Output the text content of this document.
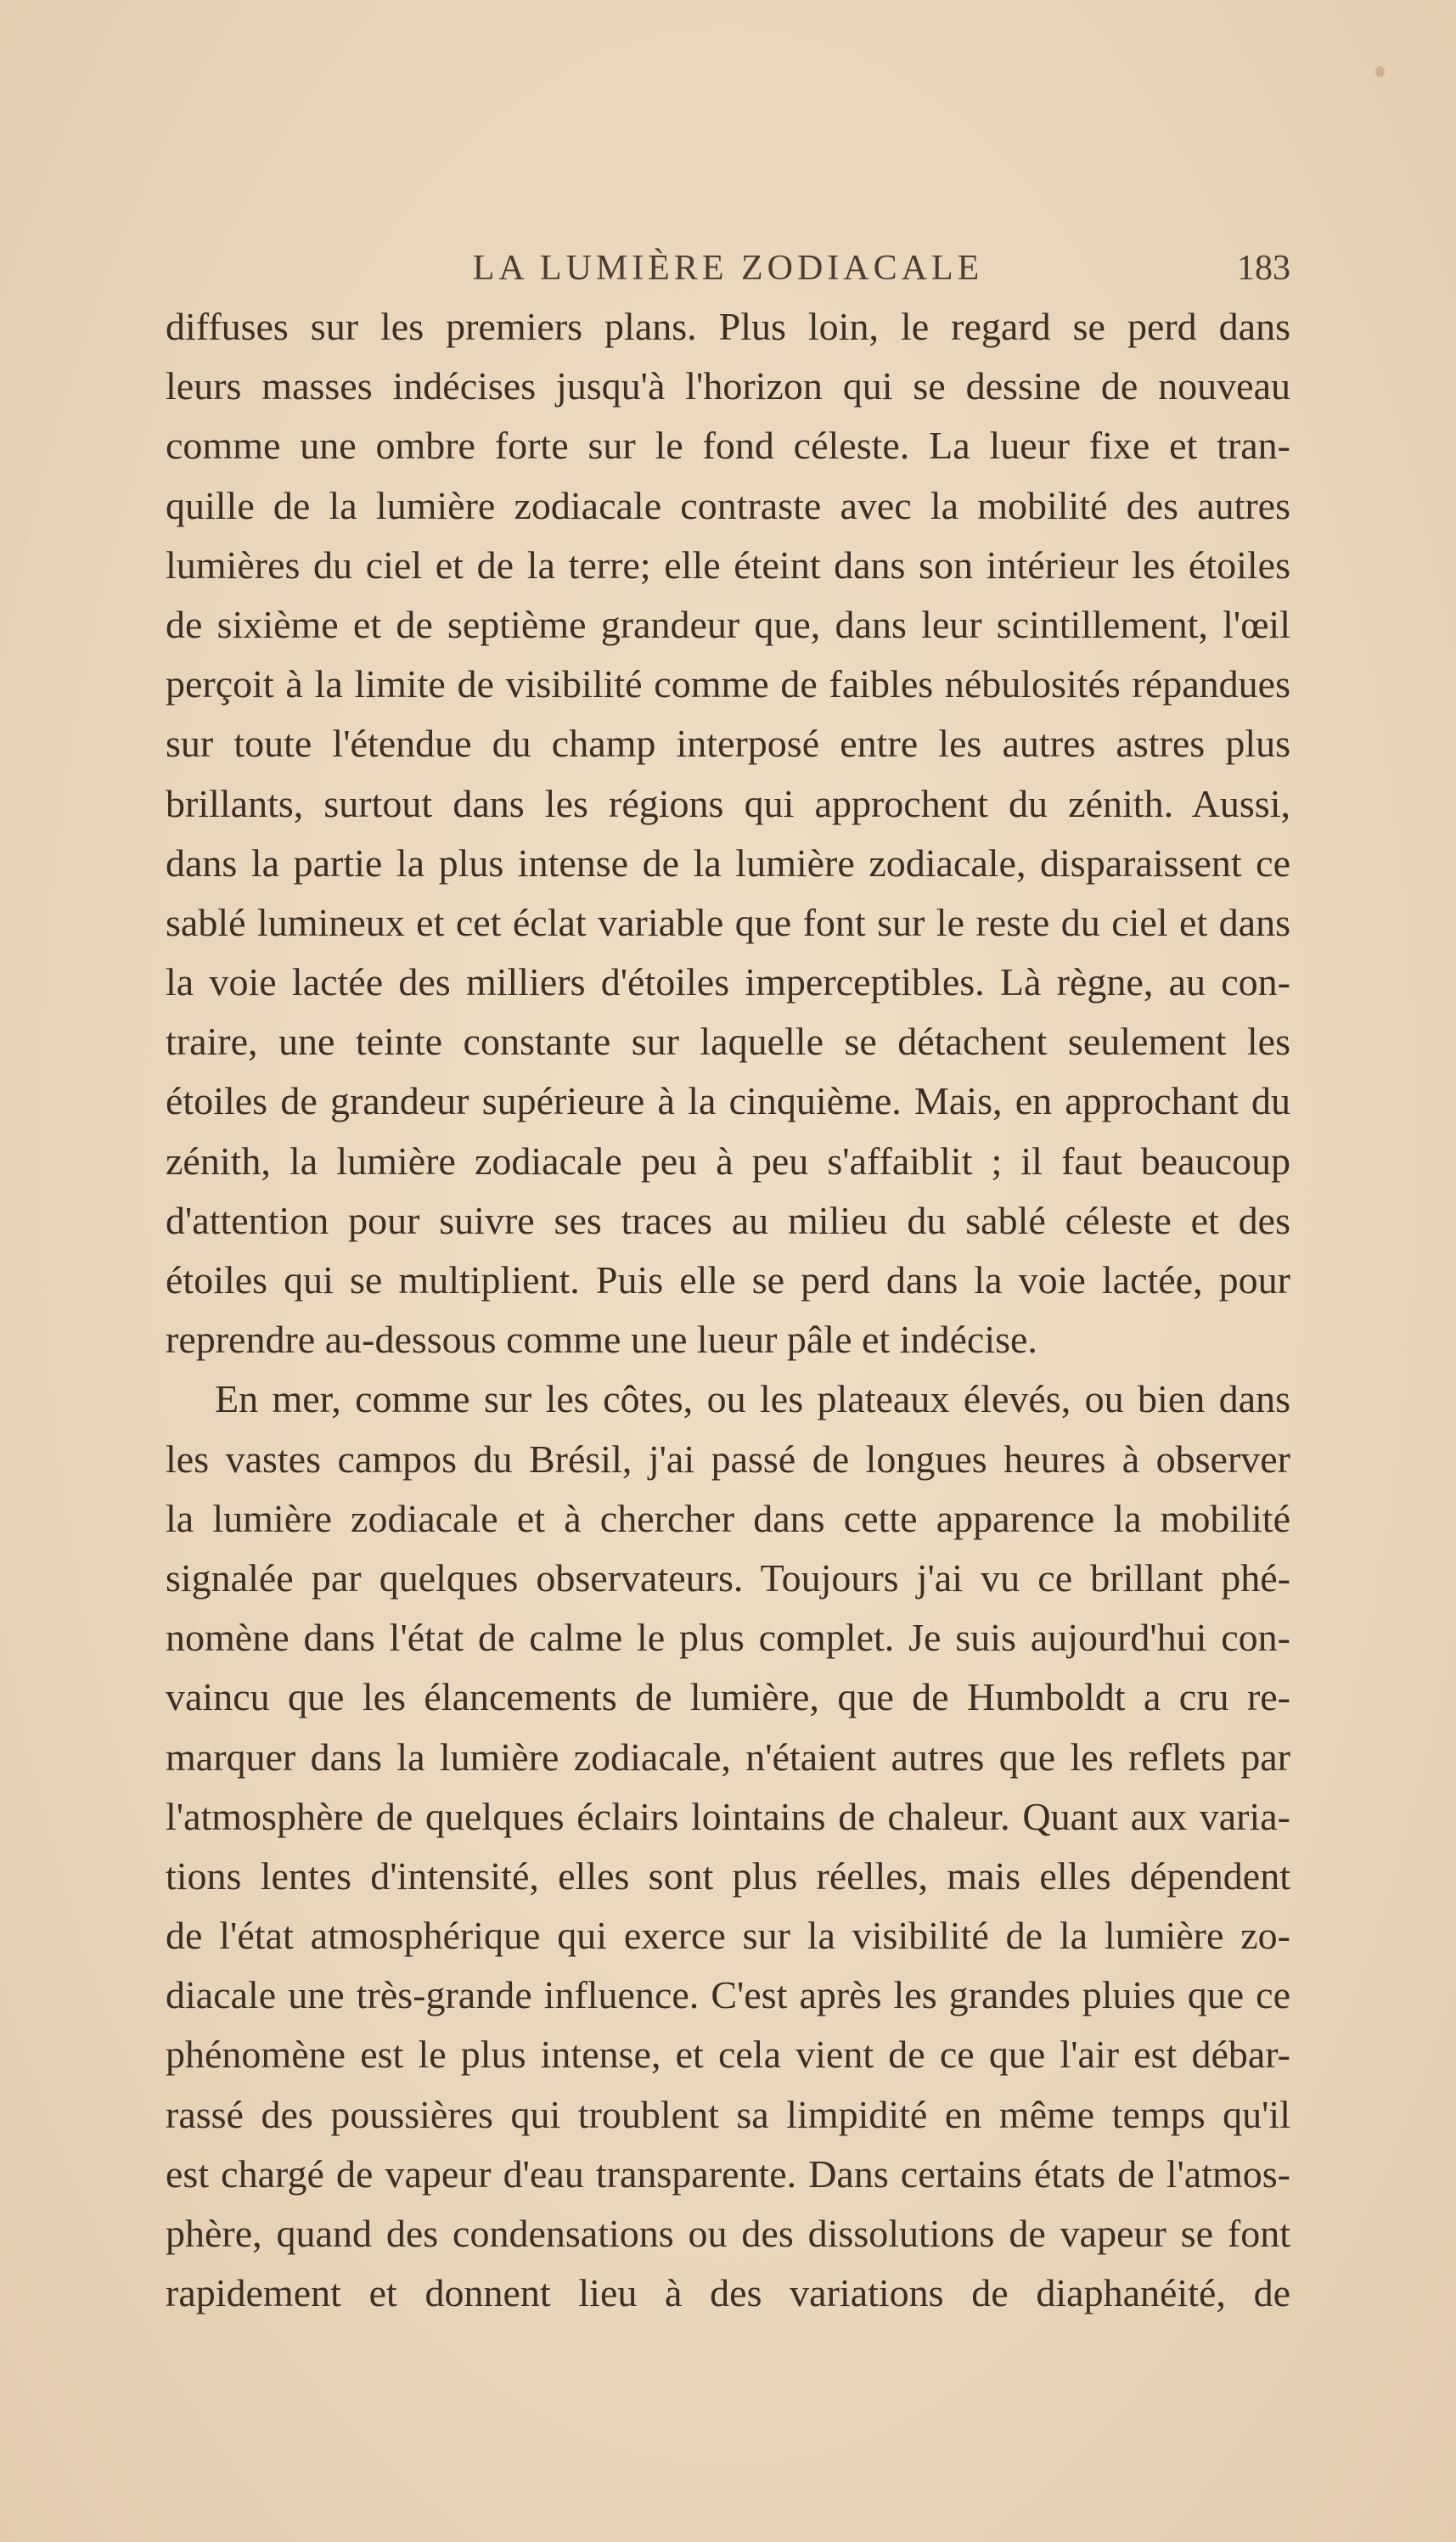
LA LUMIÈRE ZODIACALE	183
diffuses sur les premiers plans. Plus loin, le regard se perd dans
leurs masses indécises jusqu'à l'horizon qui se dessine de nouveau
comme une ombre forte sur le fond céleste. La lueur fixe et tran-
quille de la lumière zodiacale contraste avec la mobilité des autres
lumières du ciel et de la terre; elle éteint dans son intérieur les étoiles
de sixième et de septième grandeur que, dans leur scintillement, l'œil
perçoit à la limite de visibilité comme de faibles nébulosités répandues
sur toute l'étendue du champ interposé entre les autres astres plus
brillants, surtout dans les régions qui approchent du zénith. Aussi,
dans la partie la plus intense de la lumière zodiacale, disparaissent ce
sablé lumineux et cet éclat variable que font sur le reste du ciel et dans
la voie lactée des milliers d'étoiles imperceptibles. Là règne, au con-
traire, une teinte constante sur laquelle se détachent seulement les
étoiles de grandeur supérieure à la cinquième. Mais, en approchant du
zénith, la lumière zodiacale peu à peu s'affaiblit ; il faut beaucoup
d'attention pour suivre ses traces au milieu du sablé céleste et des
étoiles qui se multiplient. Puis elle se perd dans la voie lactée, pour
reprendre au-dessous comme une lueur pâle et indécise.
En mer, comme sur les côtes, ou les plateaux élevés, ou bien dans
les vastes campos du Brésil, j'ai passé de longues heures à observer
la lumière zodiacale et à chercher dans cette apparence la mobilité
signalée par quelques observateurs. Toujours j'ai vu ce brillant phé-
nomène dans l'état de calme le plus complet. Je suis aujourd'hui con-
vaincu que les élancements de lumière, que de Humboldt a cru re-
marquer dans la lumière zodiacale, n'étaient autres que les reflets par
l'atmosphère de quelques éclairs lointains de chaleur. Quant aux varia-
tions lentes d'intensité, elles sont plus réelles, mais elles dépendent
de l'état atmosphérique qui exerce sur la visibilité de la lumière zo-
diacale une très-grande influence. C'est après les grandes pluies que ce
phénomène est le plus intense, et cela vient de ce que l'air est débar-
rassé des poussières qui troublent sa limpidité en même temps qu'il
est chargé de vapeur d'eau transparente. Dans certains états de l'atmos-
phère, quand des condensations ou des dissolutions de vapeur se font
rapidement et donnent lieu à des variations de diaphanéité, de
